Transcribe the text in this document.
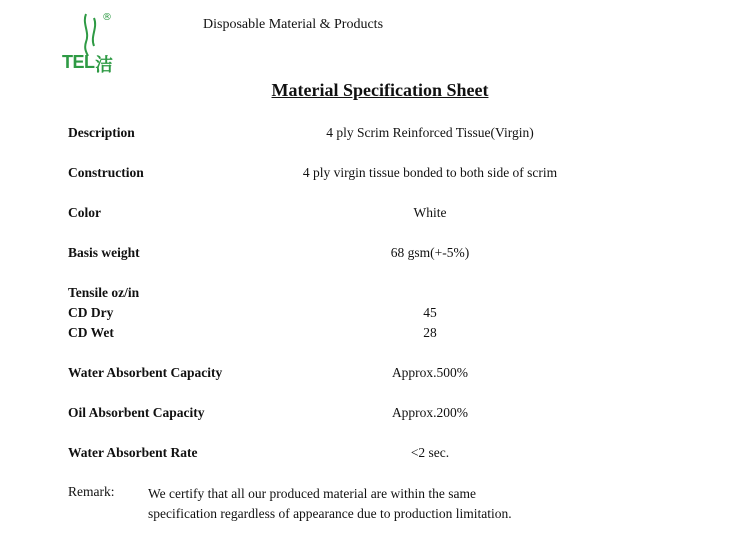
®
TEL 洁
Disposable Material & Products
Material Specification Sheet
Description	4 ply Scrim Reinforced Tissue(Virgin)
Construction	4 ply virgin tissue bonded to both side of scrim
Color	White
Basis weight	68 gsm(+-5%)
Tensile oz/in
CD Dry	45
CD Wet	28
Water Absorbent Capacity	Approx.500%
Oil Absorbent Capacity	Approx.200%
Water Absorbent Rate	<2 sec.
Remark: We certify that all our produced material are within the same
specification regardless of appearance due to production limitation.
